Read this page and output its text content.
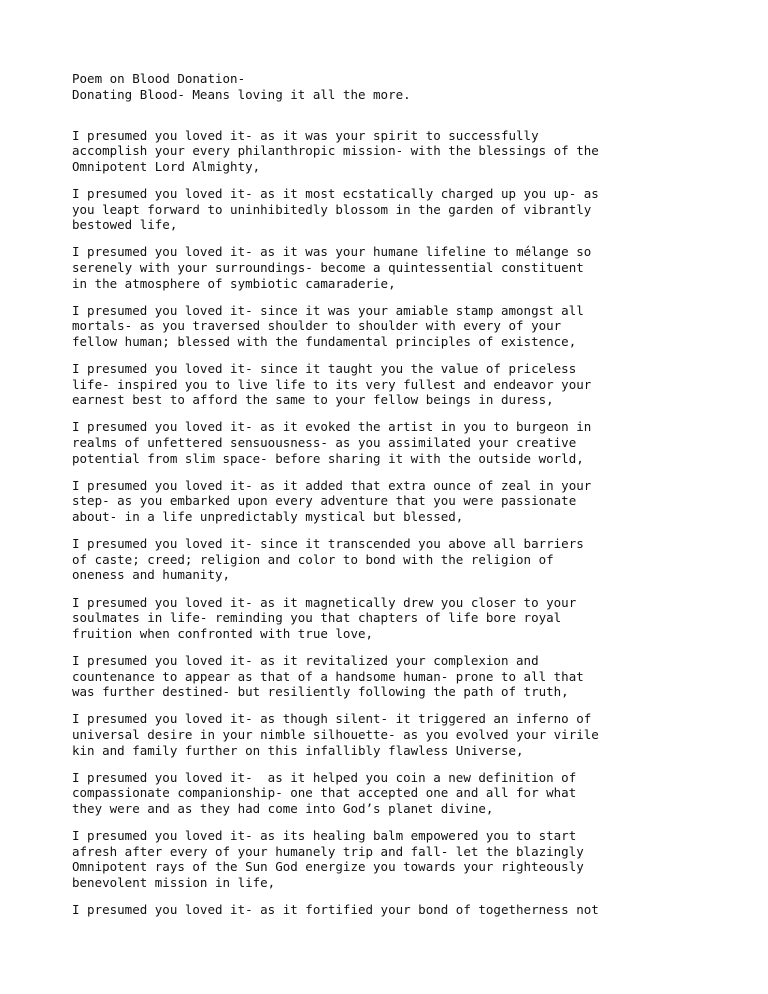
Poem on Blood Donation-
Donating Blood- Means loving it all the more.
I presumed you loved it- as it was your spirit to successfully
accomplish your every philanthropic mission- with the blessings of the
Omnipotent Lord Almighty,
I presumed you loved it- as it most ecstatically charged up you up- as
you leapt forward to uninhibitedly blossom in the garden of vibrantly
bestowed life,
I presumed you loved it- as it was your humane lifeline to mélange so
serenely with your surroundings- become a quintessential constituent
in the atmosphere of symbiotic camaraderie,
I presumed you loved it- since it was your amiable stamp amongst all
mortals- as you traversed shoulder to shoulder with every of your
fellow human; blessed with the fundamental principles of existence,
I presumed you loved it- since it taught you the value of priceless
life- inspired you to live life to its very fullest and endeavor your
earnest best to afford the same to your fellow beings in duress,
I presumed you loved it- as it evoked the artist in you to burgeon in
realms of unfettered sensuousness- as you assimilated your creative
potential from slim space- before sharing it with the outside world,
I presumed you loved it- as it added that extra ounce of zeal in your
step- as you embarked upon every adventure that you were passionate
about- in a life unpredictably mystical but blessed,
I presumed you loved it- since it transcended you above all barriers
of caste; creed; religion and color to bond with the religion of
oneness and humanity,
I presumed you loved it- as it magnetically drew you closer to your
soulmates in life- reminding you that chapters of life bore royal
fruition when confronted with true love,
I presumed you loved it- as it revitalized your complexion and
countenance to appear as that of a handsome human- prone to all that
was further destined- but resiliently following the path of truth,
I presumed you loved it- as though silent- it triggered an inferno of
universal desire in your nimble silhouette- as you evolved your virile
kin and family further on this infallibly flawless Universe,
I presumed you loved it-  as it helped you coin a new definition of
compassionate companionship- one that accepted one and all for what
they were and as they had come into God’s planet divine,
I presumed you loved it- as its healing balm empowered you to start
afresh after every of your humanely trip and fall- let the blazingly
Omnipotent rays of the Sun God energize you towards your righteously
benevolent mission in life,
I presumed you loved it- as it fortified your bond of togetherness not
